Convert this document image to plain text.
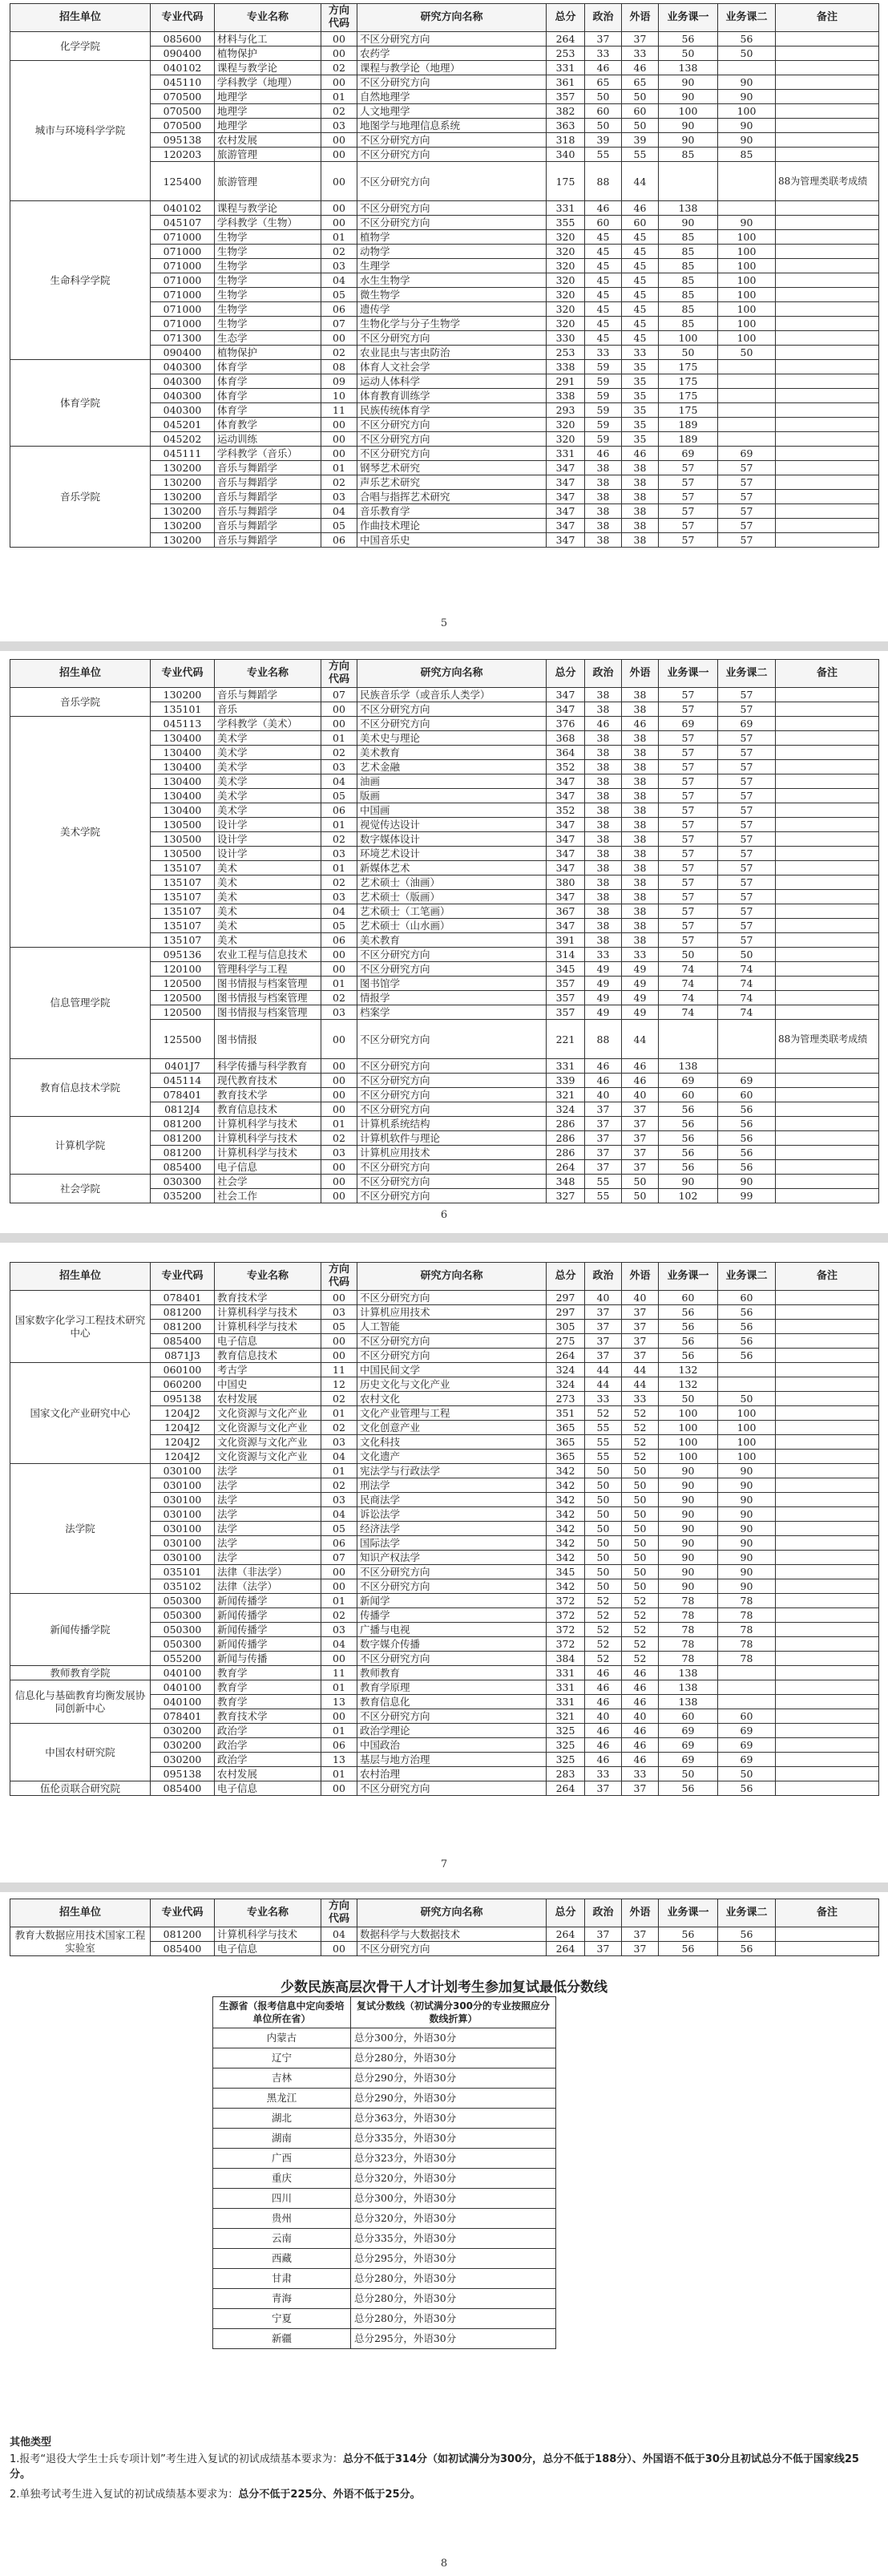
招生单位	专业代码	专业名称	方向代码	研究方向名称	总分	政治	外语	业务课一	业务课二	备注
化学学院	085600	材料与化工	00	不区分研究方向	264	37	37	56	56	
	090400	植物保护	00	农药学	253	33	33	50	50	
城市与环境科学学院	040102	课程与教学论	02	课程与教学论（地理）	331	46	46	138		
	045110	学科教学（地理）	00	不区分研究方向	361	65	65	90	90	
	070500	地理学	01	自然地理学	357	50	50	90	90	
	070500	地理学	02	人文地理学	382	60	60	100	100	
	070500	地理学	03	地图学与地理信息系统	363	50	50	90	90	
	095138	农村发展	00	不区分研究方向	318	39	39	90	90	
	120203	旅游管理	00	不区分研究方向	340	55	55	85	85	
	125400	旅游管理	00	不区分研究方向	175	88	44			88为管理类联考成绩
生命科学学院	040102	课程与教学论	00	不区分研究方向	331	46	46	138		
	045107	学科教学（生物）	00	不区分研究方向	355	60	60	90	90	
	071000	生物学	01	植物学	320	45	45	85	100	
	071000	生物学	02	动物学	320	45	45	85	100	
	071000	生物学	03	生理学	320	45	45	85	100	
	071000	生物学	04	水生生物学	320	45	45	85	100	
	071000	生物学	05	微生物学	320	45	45	85	100	
	071000	生物学	06	遗传学	320	45	45	85	100	
	071000	生物学	07	生物化学与分子生物学	320	45	45	85	100	
	071300	生态学	00	不区分研究方向	330	45	45	100	100	
	090400	植物保护	02	农业昆虫与害虫防治	253	33	33	50	50	
体育学院	040300	体育学	08	体育人文社会学	338	59	35	175		
	040300	体育学	09	运动人体科学	291	59	35	175		
	040300	体育学	10	体育教育训练学	338	59	35	175		
	040300	体育学	11	民族传统体育学	293	59	35	175		
	045201	体育教学	00	不区分研究方向	320	59	35	189		
	045202	运动训练	00	不区分研究方向	320	59	35	189		
音乐学院	045111	学科教学（音乐）	00	不区分研究方向	331	46	46	69	69	
	130200	音乐与舞蹈学	01	钢琴艺术研究	347	38	38	57	57	
	130200	音乐与舞蹈学	02	声乐艺术研究	347	38	38	57	57	
	130200	音乐与舞蹈学	03	合唱与指挥艺术研究	347	38	38	57	57	
	130200	音乐与舞蹈学	04	音乐教育学	347	38	38	57	57	
	130200	音乐与舞蹈学	05	作曲技术理论	347	38	38	57	57	
	130200	音乐与舞蹈学	06	中国音乐史	347	38	38	57	57	
5
招生单位	专业代码	专业名称	方向代码	研究方向名称	总分	政治	外语	业务课一	业务课二	备注
音乐学院	130200	音乐与舞蹈学	07	民族音乐学（或音乐人类学）	347	38	38	57	57	
	135101	音乐	00	不区分研究方向	347	38	38	57	57	
美术学院	045113	学科教学（美术）	00	不区分研究方向	376	46	46	69	69	
	130400	美术学	01	美术史与理论	368	38	38	57	57	
	130400	美术学	02	美术教育	364	38	38	57	57	
	130400	美术学	03	艺术金融	352	38	38	57	57	
	130400	美术学	04	油画	347	38	38	57	57	
	130400	美术学	05	版画	347	38	38	57	57	
	130400	美术学	06	中国画	352	38	38	57	57	
	130500	设计学	01	视觉传达设计	347	38	38	57	57	
	130500	设计学	02	数字媒体设计	347	38	38	57	57	
	130500	设计学	03	环境艺术设计	347	38	38	57	57	
	135107	美术	01	新媒体艺术	347	38	38	57	57	
	135107	美术	02	艺术硕士（油画）	380	38	38	57	57	
	135107	美术	03	艺术硕士（版画）	347	38	38	57	57	
	135107	美术	04	艺术硕士（工笔画）	367	38	38	57	57	
	135107	美术	05	艺术硕士（山水画）	347	38	38	57	57	
	135107	美术	06	美术教育	391	38	38	57	57	
信息管理学院	095136	农业工程与信息技术	00	不区分研究方向	314	33	33	50	50	
	120100	管理科学与工程	00	不区分研究方向	345	49	49	74	74	
	120500	图书情报与档案管理	01	图书馆学	357	49	49	74	74	
	120500	图书情报与档案管理	02	情报学	357	49	49	74	74	
	120500	图书情报与档案管理	03	档案学	357	49	49	74	74	
	125500	图书情报	00	不区分研究方向	221	88	44			88为管理类联考成绩
教育信息技术学院	0401J7	科学传播与科学教育	00	不区分研究方向	331	46	46	138		
	045114	现代教育技术	00	不区分研究方向	339	46	46	69	69	
	078401	教育技术学	00	不区分研究方向	321	40	40	60	60	
	0812J4	教育信息技术	00	不区分研究方向	324	37	37	56	56	
计算机学院	081200	计算机科学与技术	01	计算机系统结构	286	37	37	56	56	
	081200	计算机科学与技术	02	计算机软件与理论	286	37	37	56	56	
	081200	计算机科学与技术	03	计算机应用技术	286	37	37	56	56	
	085400	电子信息	00	不区分研究方向	264	37	37	56	56	
社会学院	030300	社会学	00	不区分研究方向	348	55	50	90	90	
	035200	社会工作	00	不区分研究方向	327	55	50	102	99	
6
招生单位	专业代码	专业名称	方向代码	研究方向名称	总分	政治	外语	业务课一	业务课二	备注
国家数字化学习工程技术研究中心	078401	教育技术学	00	不区分研究方向	297	40	40	60	60	
	081200	计算机科学与技术	03	计算机应用技术	297	37	37	56	56	
	081200	计算机科学与技术	05	人工智能	305	37	37	56	56	
	085400	电子信息	00	不区分研究方向	275	37	37	56	56	
	0871J3	教育信息技术	00	不区分研究方向	264	37	37	56	56	
国家文化产业研究中心	060100	考古学	11	中国民间文学	324	44	44	132		
	060200	中国史	12	历史文化与文化产业	324	44	44	132		
	095138	农村发展	02	农村文化	273	33	33	50	50	
	1204J2	文化资源与文化产业	01	文化产业管理与工程	351	52	52	100	100	
	1204J2	文化资源与文化产业	02	文化创意产业	365	55	52	100	100	
	1204J2	文化资源与文化产业	03	文化科技	365	55	52	100	100	
	1204J2	文化资源与文化产业	04	文化遗产	365	55	52	100	100	
法学院	030100	法学	01	宪法学与行政法学	342	50	50	90	90	
	030100	法学	02	刑法学	342	50	50	90	90	
	030100	法学	03	民商法学	342	50	50	90	90	
	030100	法学	04	诉讼法学	342	50	50	90	90	
	030100	法学	05	经济法学	342	50	50	90	90	
	030100	法学	06	国际法学	342	50	50	90	90	
	030100	法学	07	知识产权法学	342	50	50	90	90	
	035101	法律（非法学）	00	不区分研究方向	345	50	50	90	90	
	035102	法律（法学）	00	不区分研究方向	342	50	50	90	90	
新闻传播学院	050300	新闻传播学	01	新闻学	372	52	52	78	78	
	050300	新闻传播学	02	传播学	372	52	52	78	78	
	050300	新闻传播学	03	广播与电视	372	52	52	78	78	
	050300	新闻传播学	04	数字媒介传播	372	52	52	78	78	
	055200	新闻与传播	00	不区分研究方向	384	52	52	78	78	
教师教育学院	040100	教育学	11	教师教育	331	46	46	138		
信息化与基础教育均衡发展协同创新中心	040100	教育学	01	教育学原理	331	46	46	138		
	040100	教育学	13	教育信息化	331	46	46	138		
	078401	教育技术学	00	不区分研究方向	321	40	40	60	60	
中国农村研究院	030200	政治学	01	政治学理论	325	46	46	69	69	
	030200	政治学	06	中国政治	325	46	46	69	69	
	030200	政治学	13	基层与地方治理	325	46	46	69	69	
	095138	农村发展	01	农村治理	283	33	33	50	50	
伍伦贡联合研究院	085400	电子信息	00	不区分研究方向	264	37	37	56	56	
7
招生单位	专业代码	专业名称	方向代码	研究方向名称	总分	政治	外语	业务课一	业务课二	备注
教育大数据应用技术国家工程实验室	081200	计算机科学与技术	04	数据科学与大数据技术	264	37	37	56	56	
	085400	电子信息	00	不区分研究方向	264	37	37	56	56	
少数民族高层次骨干人才计划考生参加复试最低分数线
生源省（报考信息中定向委培单位所在省）	复试分数线（初试满分300分的专业按照应分数线折算）
内蒙古	总分300分，外语30分
辽宁	总分280分，外语30分
吉林	总分290分，外语30分
黑龙江	总分290分，外语30分
湖北	总分363分，外语30分
湖南	总分335分，外语30分
广西	总分323分，外语30分
重庆	总分320分，外语30分
四川	总分300分，外语30分
贵州	总分320分，外语30分
云南	总分335分，外语30分
西藏	总分295分，外语30分
甘肃	总分280分，外语30分
青海	总分280分，外语30分
宁夏	总分280分，外语30分
新疆	总分295分，外语30分
其他类型

1.报考“退役大学生士兵专项计划”考生进入复试的初试成绩基本要求为：总分不低于314分（如初试满分为300分，总分不低于188分）、外国语不低于30分且初试总分不低于国家线25分。

2.单独考试考生进入复试的初试成绩基本要求为：总分不低于225分、外语不低于25分。

8
